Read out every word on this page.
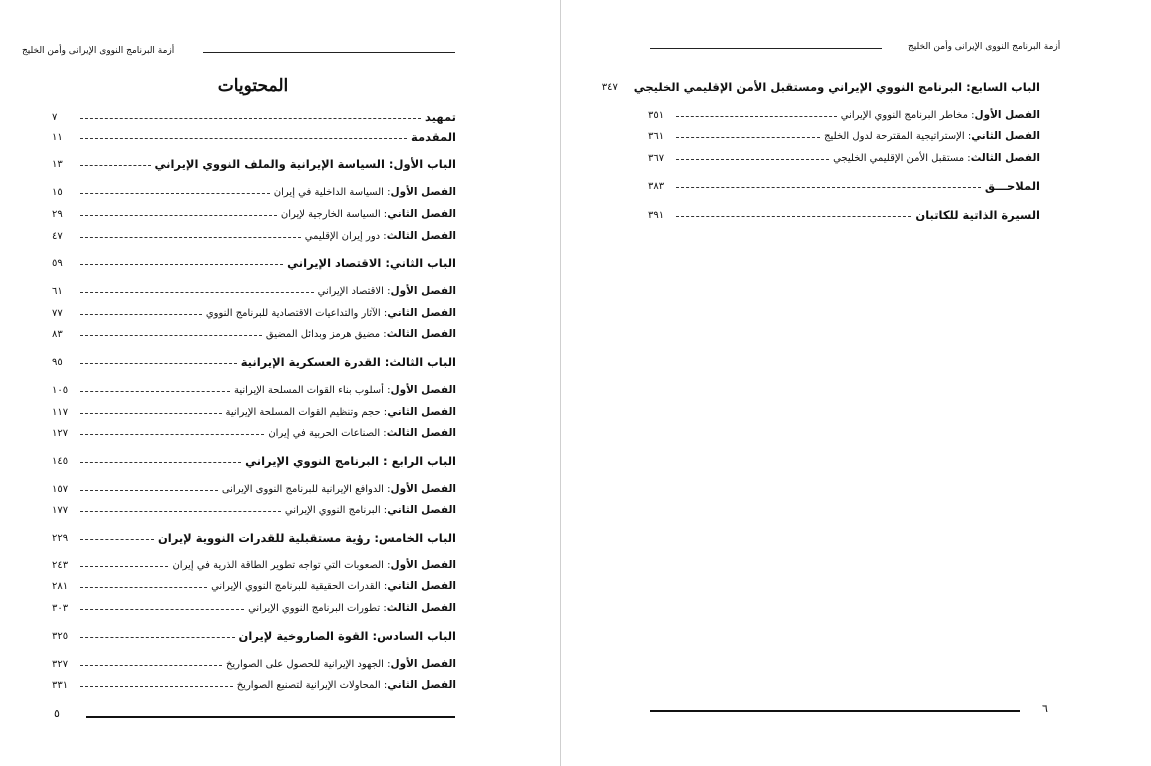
أزمة البرنامج النووى الإيرانى وأمن الخليج
المحتويات
تمهيد
٧
المقدمة
١١
الباب الأول: السياسة الإيرانية والملف النووي الإيراني
١٣
الفصل الأول: السياسة الداخلية في إيران
١٥
الفصل الثاني: السياسة الخارجية لإيران
٢٩
الفصل الثالث: دور إيران الإقليمي
٤٧
الباب الثاني: الاقتصاد الإيراني
٥٩
الفصل الأول: الاقتصاد الإيراني
٦١
الفصل الثاني: الآثار والتداعيات الاقتصادية للبرنامج النووي
٧٧
الفصل الثالث: مضيق هرمز وبدائل المضيق
٨٣
الباب الثالث: القدرة العسكرية الإيرانية
٩٥
الفصل الأول: أسلوب بناء القوات المسلحة الإيرانية
١٠٥
الفصل الثاني: حجم وتنظيم القوات المسلحة الإيرانية
١١٧
الفصل الثالث: الصناعات الحربية في إيران
١٢٧
الباب الرابع : البرنامج النووي الإيراني
١٤٥
الفصل الأول: الدوافع الإيرانية للبرنامج النووى الإيرانى
١٥٧
الفصل الثاني: البرنامج النووي الإيراني
١٧٧
الباب الخامس: رؤية مستقبلية للقدرات النووية لإيران
٢٢٩
الفصل الأول: الصعوبات التي تواجه تطوير الطاقة الذرية في إيران
٢٤٣
الفصل الثاني: القدرات الحقيقية للبرنامج النووي الإيراني
٢٨١
الفصل الثالث: تطورات البرنامج النووي الإيراني
٣٠٣
الباب السادس: القوة الصاروخية لإيران
٣٢٥
الفصل الأول: الجهود الإيرانية للحصول على الصواريخ
٣٢٧
الفصل الثاني: المحاولات الإيرانية لتصنيع الصواريخ
٣٣١
٥
أزمة البرنامج النووى الإيرانى وأمن الخليج
الباب السابع: البرنامج النووي الإيراني ومستقبل الأمن الإقليمي الخليجي
٣٤٧
الفصل الأول: مخاطر البرنامج النووي الإيراني
٣٥١
الفصل الثاني: الإستراتيجية المقترحة لدول الخليج
٣٦١
الفصل الثالث: مستقبل الأمن الإقليمي الخليجي
٣٦٧
الملاحـــق
٣٨٣
السيرة الذاتية للكاتبان
٣٩١
٦
